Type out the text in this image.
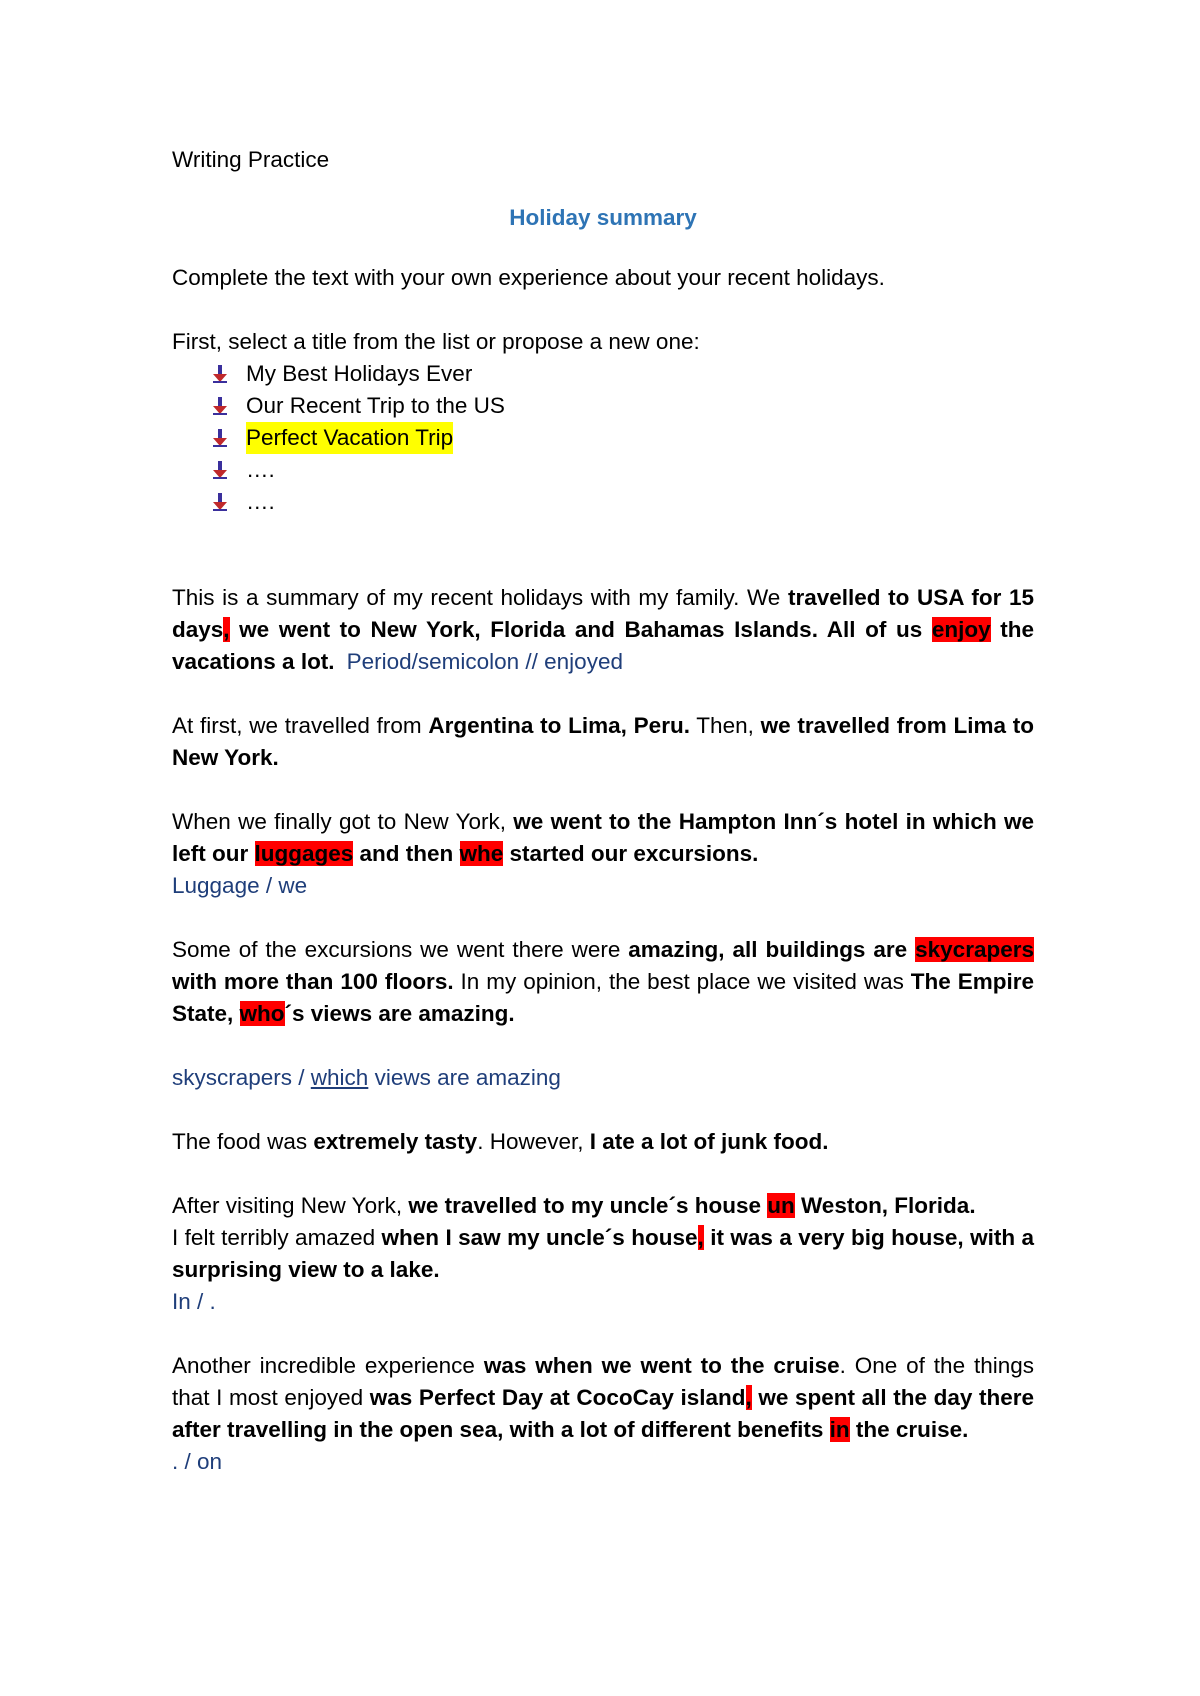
Writing Practice

Holiday summary

Complete the text with your own experience about your recent holidays.

First, select a title from the list or propose a new one:

My Best Holidays Ever
Our Recent Trip to the US
Perfect Vacation Trip
….
….

This is a summary of my recent holidays with my family. We travelled to USA for 15 days, we went to New York, Florida and Bahamas Islands. All of us enjoy the vacations a lot. Period/semicolon // enjoyed

At first, we travelled from Argentina to Lima, Peru. Then, we travelled from Lima to New York.

When we finally got to New York, we went to the Hampton Inn´s hotel in which we left our luggages and then whe started our excursions.

Luggage / we

Some of the excursions we went there were amazing, all buildings are skycrapers with more than 100 floors. In my opinion, the best place we visited was The Empire State, who´s views are amazing.

skyscrapers / which views are amazing

The food was extremely tasty. However, I ate a lot of junk food.

After visiting New York, we travelled to my uncle´s house un Weston, Florida.

I felt terribly amazed when I saw my uncle´s house, it was a very big house, with a surprising view to a lake.

In / .

Another incredible experience was when we went to the cruise. One of the things that I most enjoyed was Perfect Day at CocoCay island, we spent all the day there after travelling in the open sea, with a lot of different benefits in the cruise.

. / on
